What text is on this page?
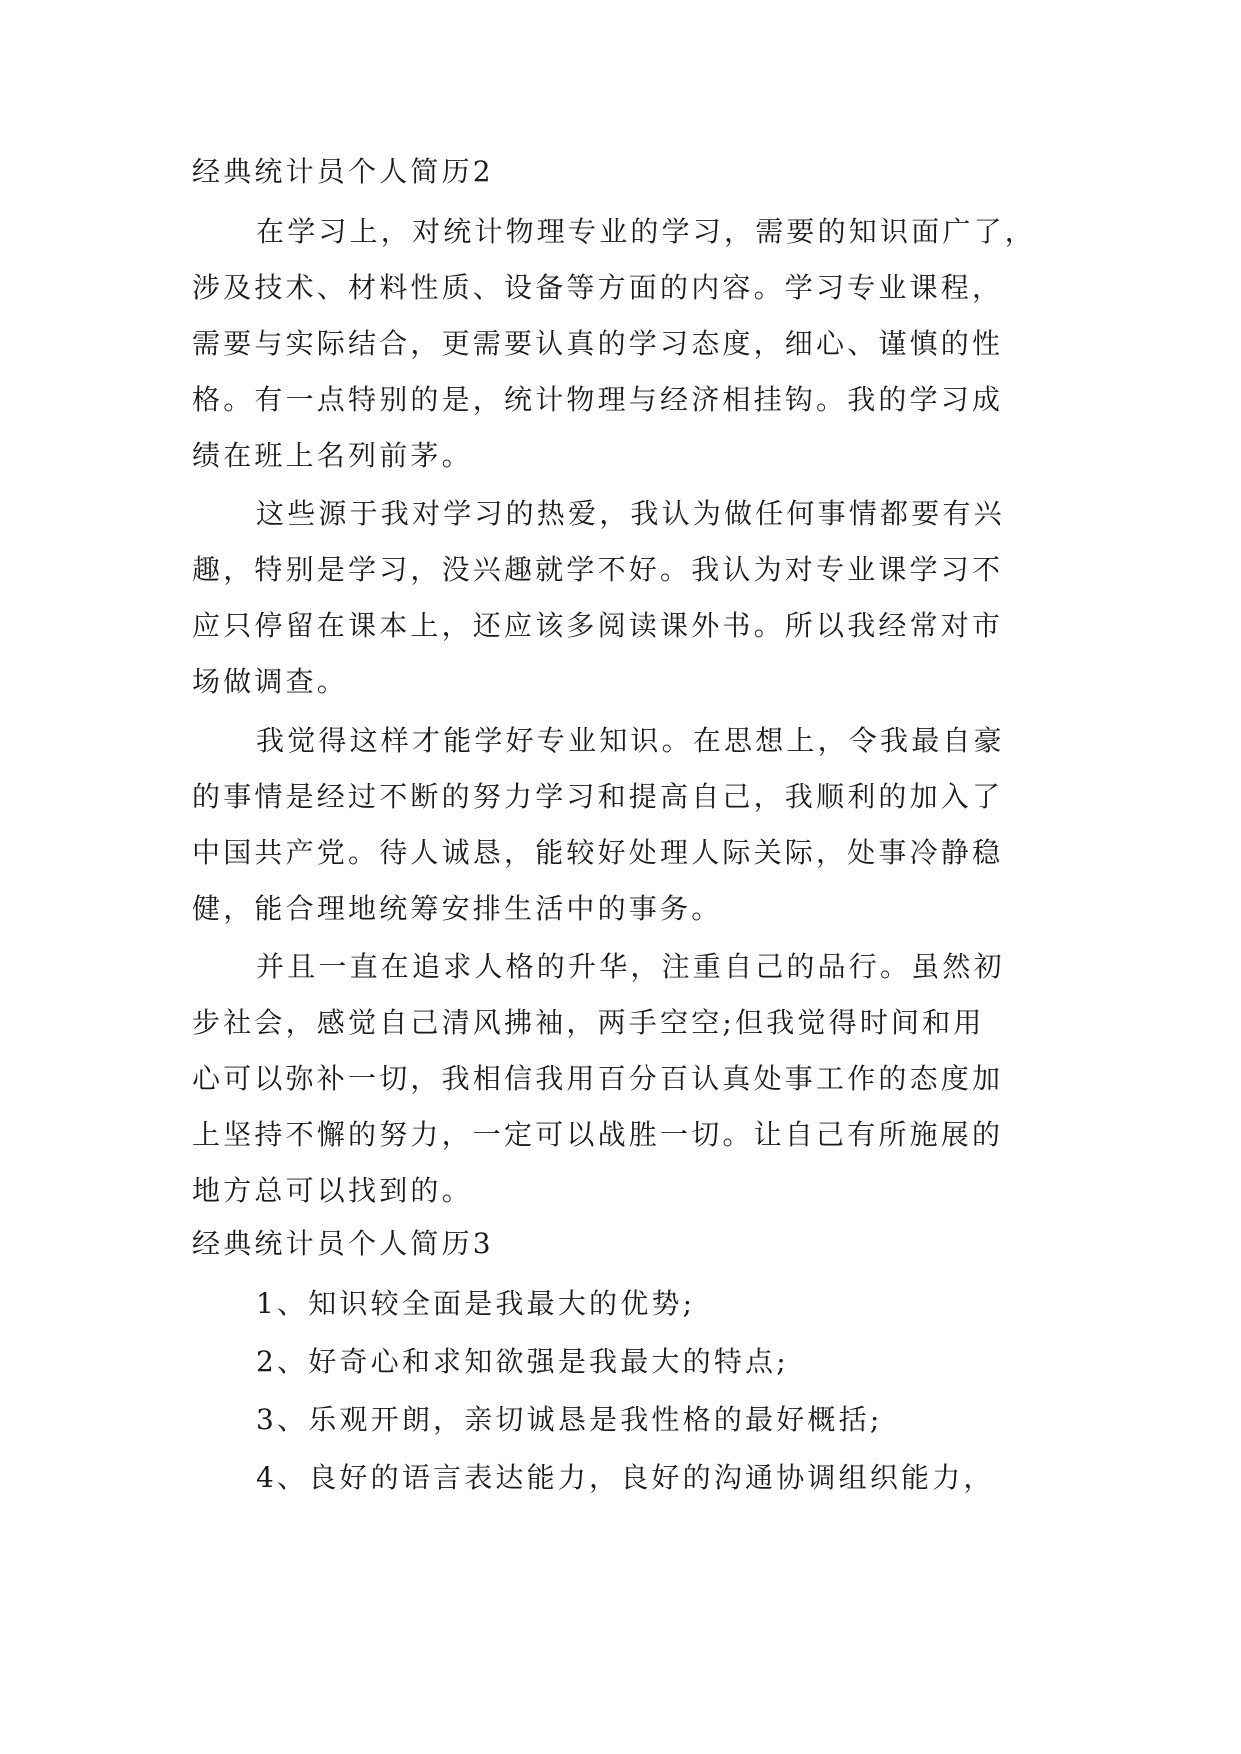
经典统计员个人简历2
在学习上，对统计物理专业的学习，需要的知识面广了，
涉及技术、材料性质、设备等方面的内容。学习专业课程，
需要与实际结合，更需要认真的学习态度，细心、谨慎的性
格。有一点特别的是，统计物理与经济相挂钩。我的学习成
绩在班上名列前茅。
这些源于我对学习的热爱，我认为做任何事情都要有兴
趣，特别是学习，没兴趣就学不好。我认为对专业课学习不
应只停留在课本上，还应该多阅读课外书。所以我经常对市
场做调查。
我觉得这样才能学好专业知识。在思想上，令我最自豪
的事情是经过不断的努力学习和提高自己，我顺利的加入了
中国共产党。待人诚恳，能较好处理人际关际，处事冷静稳
健，能合理地统筹安排生活中的事务。
并且一直在追求人格的升华，注重自己的品行。虽然初
步社会，感觉自己清风拂袖，两手空空;但我觉得时间和用
心可以弥补一切，我相信我用百分百认真处事工作的态度加
上坚持不懈的努力，一定可以战胜一切。让自己有所施展的
地方总可以找到的。
经典统计员个人简历3
1、知识较全面是我最大的优势;
2、好奇心和求知欲强是我最大的特点;
3、乐观开朗，亲切诚恳是我性格的最好概括;
4、良好的语言表达能力，良好的沟通协调组织能力，
